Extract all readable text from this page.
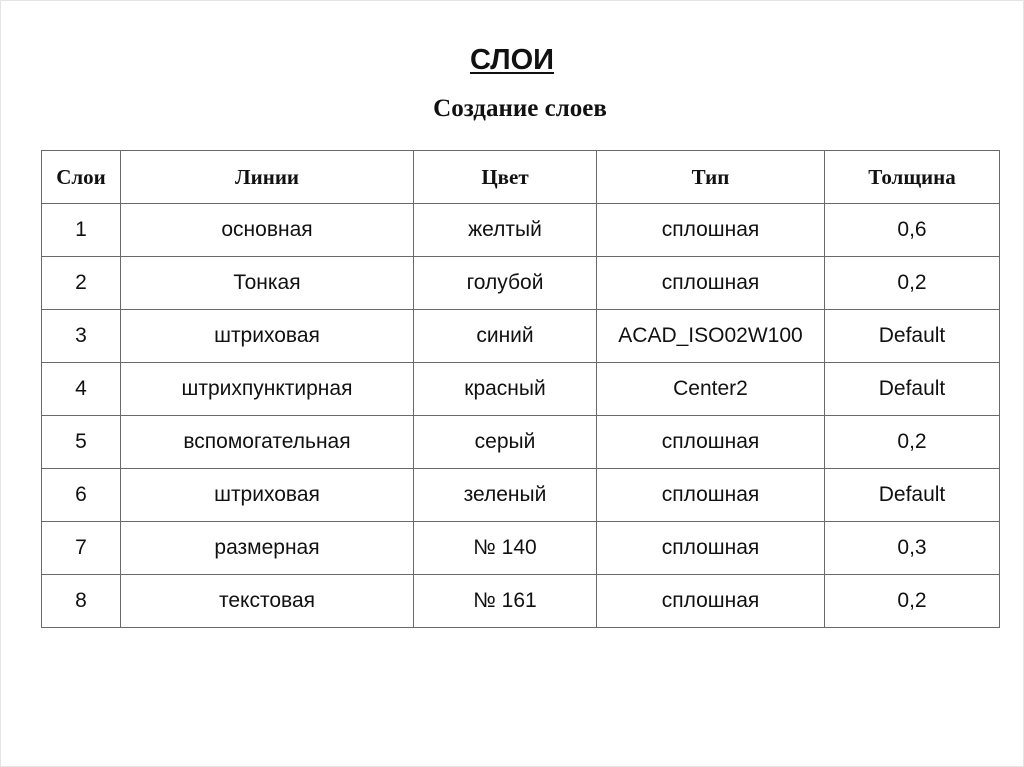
СЛОИ
Создание слоев
Слои	Линии	Цвет	Тип	Толщина
1	основная	желтый	сплошная	0,6
2	Тонкая	голубой	сплошная	0,2
3	штриховая	синий	ACAD_ISO02W100	Default
4	штрихпунктирная	красный	Center2	Default
5	вспомогательная	серый	сплошная	0,2
6	штриховая	зеленый	сплошная	Default
7	размерная	№ 140	сплошная	0,3
8	текстовая	№ 161	сплошная	0,2
